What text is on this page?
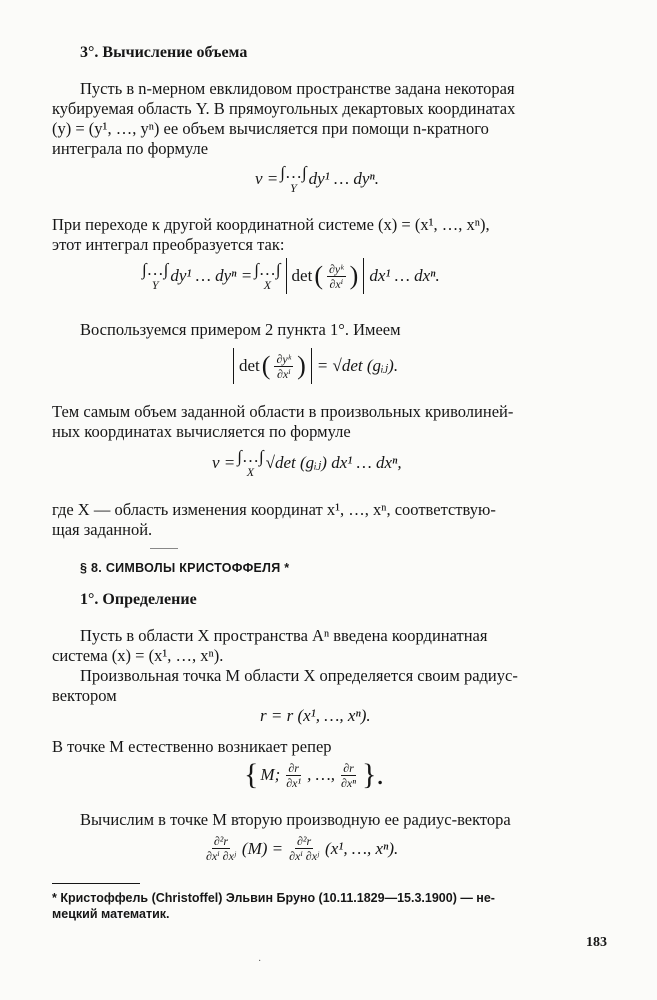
3°. Вычисление объема
Пусть в n-мерном евклидовом пространстве задана некоторая
кубируемая область Y. В прямоугольных декартовых координатах
(y) = (y¹, …, yⁿ) ее объем вычисляется при помощи n-кратного
интеграла по формуле
v = ∫…∫
Y dy¹ … dyⁿ.
При переходе к другой координатной системе (x) = (x¹, …, xⁿ),
этот интеграл преобразуется так:
∫…∫
Y dy¹ … dyⁿ = ∫…∫
X det ( $\frac{\text{∂yᵏ}}{\text{∂xⁱ}}$ ) dx¹ … dxⁿ.
Воспользуемся примером 2 пункта 1°. Имеем
det ( $\frac{\text{∂yᵏ}}{\text{∂xⁱ}}$ ) = √det (gᵢⱼ).
Тем самым объем заданной области в произвольных криволиней-
ных координатах вычисляется по формуле
v = ∫…∫
X √det (gᵢⱼ) dx¹ … dxⁿ,
где X — область изменения координат x¹, …, xⁿ, соответствую-
щая заданной.
§ 8. СИМВОЛЫ КРИСТОФФЕЛЯ *
1°. Определение
Пусть в области X пространства Aⁿ введена координатная
система (x) = (x¹, …, xⁿ).
Произвольная точка M области X определяется своим радиус-
вектором
r = r (x¹, …, xⁿ).
В точке M естественно возникает репер
{ M; $\frac{\partial r}{\text{∂x¹}}$ , …, $\frac{\partial r}{\text{∂xⁿ}}$ }.
Вычислим в точке M вторую производную ее радиус-вектора
$\frac{\text{∂²r}}{\text{∂xⁱ ∂xʲ}} (M) = \frac{\text{∂²r}}{\text{∂xⁱ ∂xʲ}} (x^1$, …, xⁿ).
* Кристоффель (Christoffel) Эльвин Бруно (10.11.1829—15.3.1900) — не-
мецкий математик.
183
·
